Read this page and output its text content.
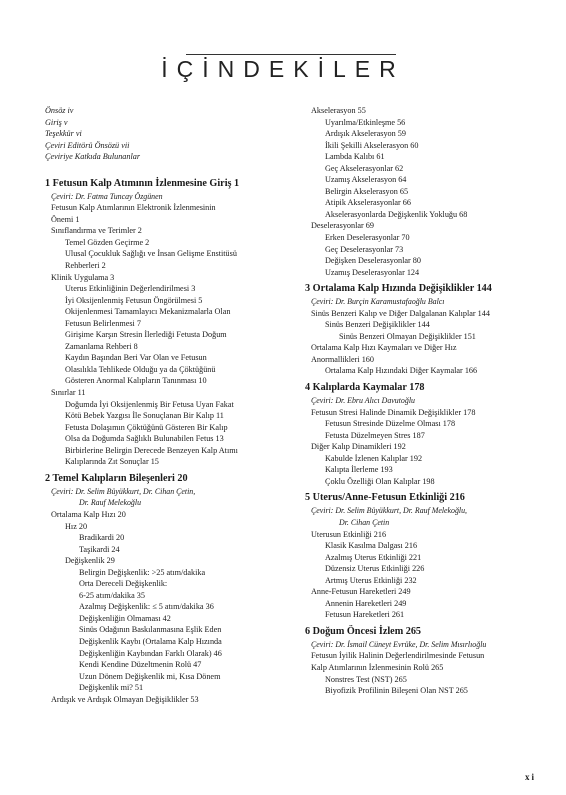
İÇİNDEKİLER
Önsöz iv
Giriş v
Teşekkür vi
Çeviri Editörü Önsözü vii
Çeviriye Katkıda Bulunanlar
1 Fetusun Kalp Atımının İzlenmesine Giriş 1
Çeviri: Dr. Fatma Tuncay Özgünen
Fetusun Kalp Atımlarının Elektronik İzlenmesinin
Önemi 1
Sınıflandırma ve Terimler 2
Temel Gözden Geçirme 2
Ulusal Çocukluk Sağlığı ve İnsan Gelişme Enstitüsü
Rehberleri 2
Klinik Uygulama 3
Uterus Etkinliğinin Değerlendirilmesi 3
İyi Oksijenlenmiş Fetusun Öngörülmesi 5
Okijenlenmesi Tamamlayıcı Mekanizmalarla Olan
Fetusun Belirlenmesi 7
Girişime Karşın Stresin İlerlediği Fetusta Doğum
Zamanlama Rehberi 8
Kaydın Başından Beri Var Olan ve Fetusun
Olasılıkla Tehlikede Olduğu ya da Çöktüğünü
Gösteren Anormal Kalıpların Tanınması 10
Sınırlar 11
Doğumda İyi Oksijenlenmiş Bir Fetusa Uyan Fakat
Kötü Bebek Yazgısı İle Sonuçlanan Bir Kalıp 11
Fetusta Dolaşımın Çöktüğünü Gösteren Bir Kalıp
Olsa da Doğumda Sağlıklı Bulunabilen Fetus 13
Birbirlerine Belirgin Derecede Benzeyen Kalp Atımı
Kalıplarında Zıt Sonuçlar 15
2 Temel Kalıpların Bileşenleri 20
Çeviri: Dr. Selim Büyükkurt, Dr. Cihan Çetin,
Dr. Rauf Melekoğlu
Ortalama Kalp Hızı 20
Hız 20
Bradikardi 20
Taşikardi 24
Değişkenlik 29
Belirgin Değişkenlik: >25 atım/dakika
Orta Dereceli Değişkenlik:
6-25 atım/dakika 35
Azalmış Değişkenlik: ≤ 5 atım/dakika 36
Değişkenliğin Olmaması 42
Sinüs Odağının Baskılanmasına Eşlik Eden
Değişkenlik Kaybı (Ortalama Kalp Hızında
Değişkenliğin Kaybından Farklı Olarak) 46
Kendi Kendine Düzeltmenin Rolü 47
Uzun Dönem Değişkenlik mi, Kısa Dönem
Değişkenlik mi? 51
Ardışık ve Ardışık Olmayan Değişiklikler 53
Akselerasyon 55
Uyarılma/Etkinleşme 56
Ardışık Akselerasyon 59
İkili Şekilli Akselerasyon 60
Lambda Kalıbı 61
Geç Akselerasyonlar 62
Uzamış Akselerasyon 64
Belirgin Akselerasyon 65
Atipik Akselerasyonlar 66
Akselerasyonlarda Değişkenlik Yokluğu 68
Deselerasyonlar 69
Erken Deselerasyonlar 70
Geç Deselerasyonlar 73
Değişken Deselerasyonlar 80
Uzamış Deselerasyonlar 124
3 Ortalama Kalp Hızında Değişiklikler 144
Çeviri: Dr. Burçin Karamustafaoğlu Balcı
Sinüs Benzeri Kalıp ve Diğer Dalgalanan Kalıplar 144
Sinüs Benzeri Değişiklikler 144
Sinüs Benzeri Olmayan Değişiklikler 151
Ortalama Kalp Hızı Kaymaları ve Diğer Hız
Anormallikleri 160
Ortalama Kalp Hızındaki Diğer Kaymalar 166
4 Kalıplarda Kaymalar 178
Çeviri: Dr. Ebru Alıcı Davutoğlu
Fetusun Stresi Halinde Dinamik Değişiklikler 178
Fetusun Stresinde Düzelme Olması 178
Fetusta Düzelmeyen Stres 187
Diğer Kalıp Dinamikleri 192
Kabulde İzlenen Kalıplar 192
Kalıpta İlerleme 193
Çoklu Özelliği Olan Kalıplar 198
5 Uterus/Anne-Fetusun Etkinliği 216
Çeviri: Dr. Selim Büyükkurt, Dr. Rauf Melekoğlu,
Dr. Cihan Çetin
Uterusun Etkinliği 216
Klasik Kasılma Dalgası 216
Azalmış Uterus Etkinliği 221
Düzensiz Uterus Etkinliği 226
Artmış Uterus Etkinliği 232
Anne-Fetusun Hareketleri 249
Annenin Hareketleri 249
Fetusun Hareketleri 261
6 Doğum Öncesi İzlem 265
Çeviri: Dr. İsmail Cüneyt Evrüke, Dr. Selim Mısırlıoğlu
Fetusun İyilik Halinin Değerlendirilmesinde Fetusun
Kalp Atımlarının İzlenmesinin Rolü 265
Nonstres Test (NST) 265
Biyofizik Profilinin Bileşeni Olan NST 265
xi
